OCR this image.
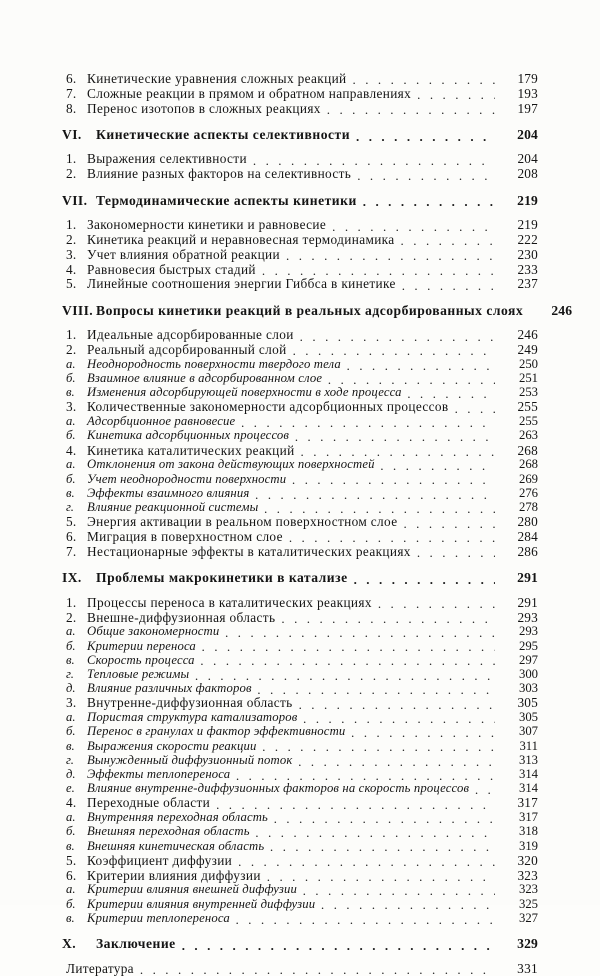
6. Кинетические уравнения сложных реакций . . .	179
7. Сложные реакции в прямом и обратном направлениях . . .	193
8. Перенос изотопов в сложных реакциях . . .	197
VI.	Кинетические аспекты селективности . . .	204
1. Выражения селективности . . .	204
2. Влияние разных факторов на селективность . . .	208
VII. Термодинамические аспекты кинетики . . .	219
1. Закономерности кинетики и равновесие . . .	219
2. Кинетика реакций и неравновесная термодинамика . . .	222
3. Учет влияния обратной реакции . . .	230
4. Равновесия быстрых стадий . . .	233
5. Линейные соотношения энергии Гиббса в кинетике . . .	237
VIII. Вопросы кинетики реакций в реальных адсорбированных слоях	246
1. Идеальные адсорбированные слои . . .	246
2. Реальный адсорбированный слой . . .	249
а. Неоднородность поверхности твердого тела . . .	250
б. Взаимное влияние в адсорбированном слое . . .	251
в. Изменения адсорбирующей поверхности в ходе процесса . . .	253
3. Количественные закономерности адсорбционных процессов . . .	255
а. Адсорбционное равновесие . . .	255
б. Кинетика адсорбционных процессов . . .	263
4. Кинетика каталитических реакций . . .	268
а. Отклонения от закона действующих поверхностей . . .	268
б. Учет неоднородности поверхности . . .	269
в. Эффекты взаимного влияния . . .	276
г.	Влияние реакционной системы . . .	278
5. Энергия активации в реальном поверхностном слое . . .	280
6. Миграция в поверхностном слое . . .	284
7. Нестационарные эффекты в каталитических реакциях . . .	286
IX.	Проблемы макрокинетики в катализе . . .	291
1. Процессы переноса в каталитических реакциях . . .	291
2. Внешне-диффузионная область . . .	293
а. Общие закономерности . . .	293
б. Критерии переноса . . .	295
в. Скорость процесса . . .	297
г.	Тепловые режимы . . .	300
д. Влияние различных факторов . . .	303
3. Внутренне-диффузионная область . . .	305
а. Пористая структура катализаторов . . .	305
б. Перенос в гранулах и фактор эффективности . . .	307
в. Выражения скорости реакции . . .	311
г.	Вынужденный диффузионный поток . . .	313
д. Эффекты теплопереноса . . .	314
е. Влияние внутренне-диффузионных факторов на скорость процессов . . .	314
4. Переходные области . . .	317
а. Внутренняя переходная область . . .	317
б. Внешняя переходная область . . .	318
в. Внешняя кинетическая область . . .	319
5. Коэффициент диффузии . . .	320
6. Критерии влияния диффузии . . .	323
а. Критерии влияния внешней диффузии . . .	323
б. Критерии влияния внутренней диффузии . . .	325
в. Критерии теплопереноса . . .	327
X.	Заключение . . .	329
Литература . . .	331
